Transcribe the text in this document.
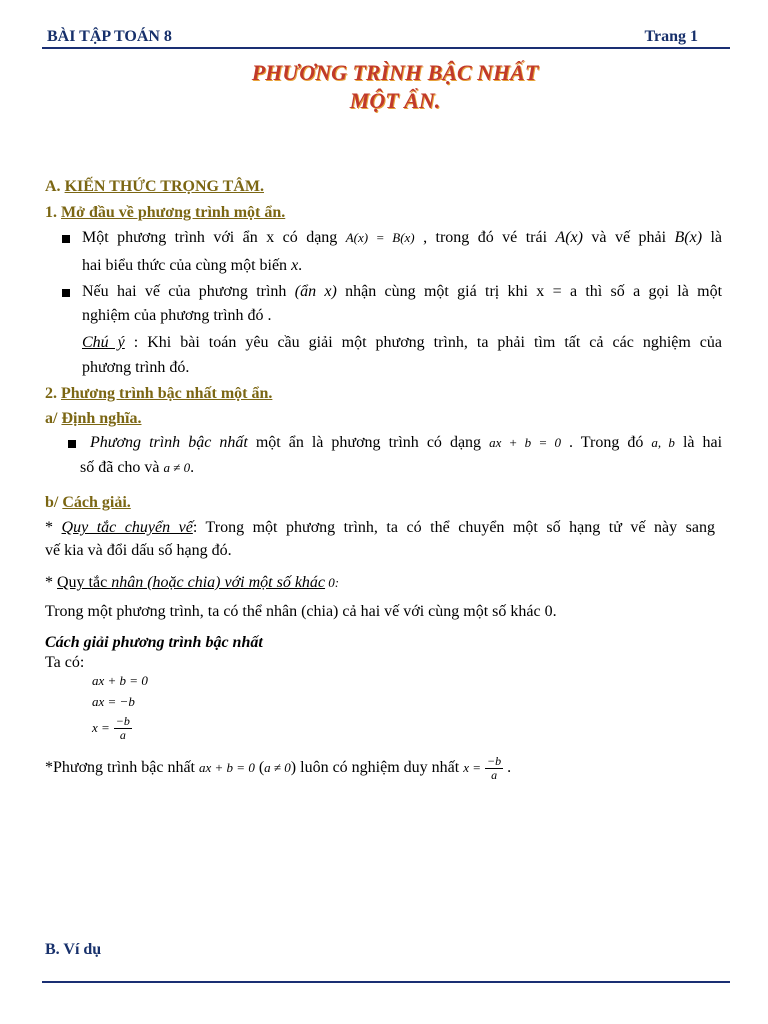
BÀI TẬP TOÁN 8	Trang 1
PHƯƠNG TRÌNH BẬC NHẤT
MỘT ẨN.
A. KIẾN THỨC TRỌNG TÂM.
1. Mở đầu về phương trình một ẩn.
Một phương trình với ẩn x có dạng A(x) = B(x) , trong đó vé trái A(x) và vế phải B(x) là
hai biểu thức của cùng một biến x.
Nếu hai vế của phương trình (ẩn x) nhận cùng một giá trị khi x = a thì số a gọi là một
nghiệm của phương trình đó .
Chú ý : Khi bài toán yêu cầu giải một phương trình, ta phải tìm tất cả các nghiệm của
phương trình đó.
2. Phương trình bậc nhất một ẩn.
a/ Định nghĩa.
Phương trình bậc nhất một ẩn là phương trình có dạng ax + b = 0 . Trong đó a, b là hai
số đã cho và a ≠ 0.
b/ Cách giải.
* Quy tắc chuyển vế: Trong một phương trình, ta có thể chuyển một số hạng tử vế này sang
vế kia và đổi dấu số hạng đó.
* Quy tắc nhân (hoặc chia) với một số khác 0:
Trong một phương trình, ta có thể nhân (chia) cả hai vế với cùng một số khác 0.
Cách giải phương trình bậc nhất
Ta có:
ax + b = 0
ax = −b
$x = \frac{-b}{a}$
*Phương trình bậc nhất ax + b = 0 (a ≠ 0) luôn có nghiệm duy nhất $x = \frac{-b}{a}$ .
B. Ví dụ
